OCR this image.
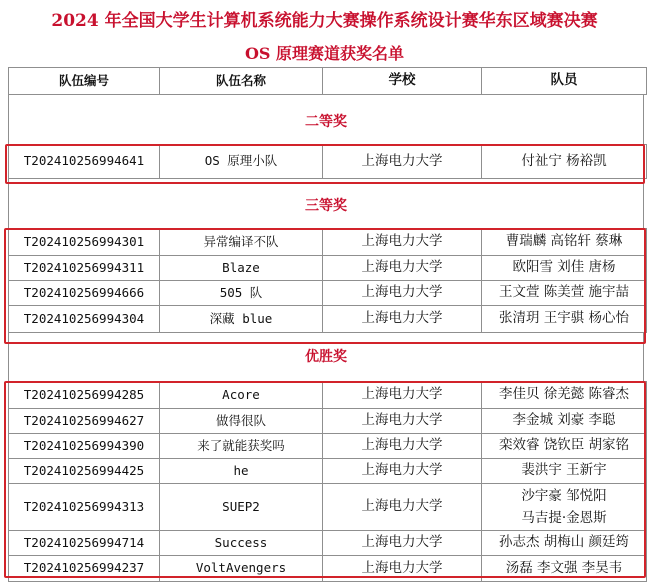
2024 年全国大学生计算机系统能力大赛操作系统设计赛华东区域赛决赛
OS 原理赛道获奖名单
队伍编号	队伍名称	学校	队员
二等奖
T202410256994641	OS 原理小队	上海电力大学	付祉宁 杨裕凯
三等奖
T202410256994301	异常编译不队	上海电力大学	曹瑞麟 高铭轩 蔡琳
T202410256994311	Blaze	上海电力大学	欧阳雪 刘佳 唐杨
T202410256994666	505 队	上海电力大学	王文萱 陈美萱 施宇喆
T202410256994304	深藏 blue	上海电力大学	张清玥 王宇骐 杨心怡
优胜奖
T202410256994285	Acore	上海电力大学	李佳贝 徐羌懿 陈睿杰
T202410256994627	做得很队	上海电力大学	李金城 刘豪 李聪
T202410256994390	来了就能获奖吗	上海电力大学	栾效睿 饶钦臣 胡家铭
T202410256994425	he	上海电力大学	裴洪宇 王新宇
T202410256994313	SUEP2	上海电力大学	沙宇豪 邹悦阳
马吉提·金恩斯

T202410256994714	Success	上海电力大学	孙志杰 胡梅山 颜廷筠
T202410256994237	VoltAvengers	上海电力大学	汤磊 李文强 李昊韦
